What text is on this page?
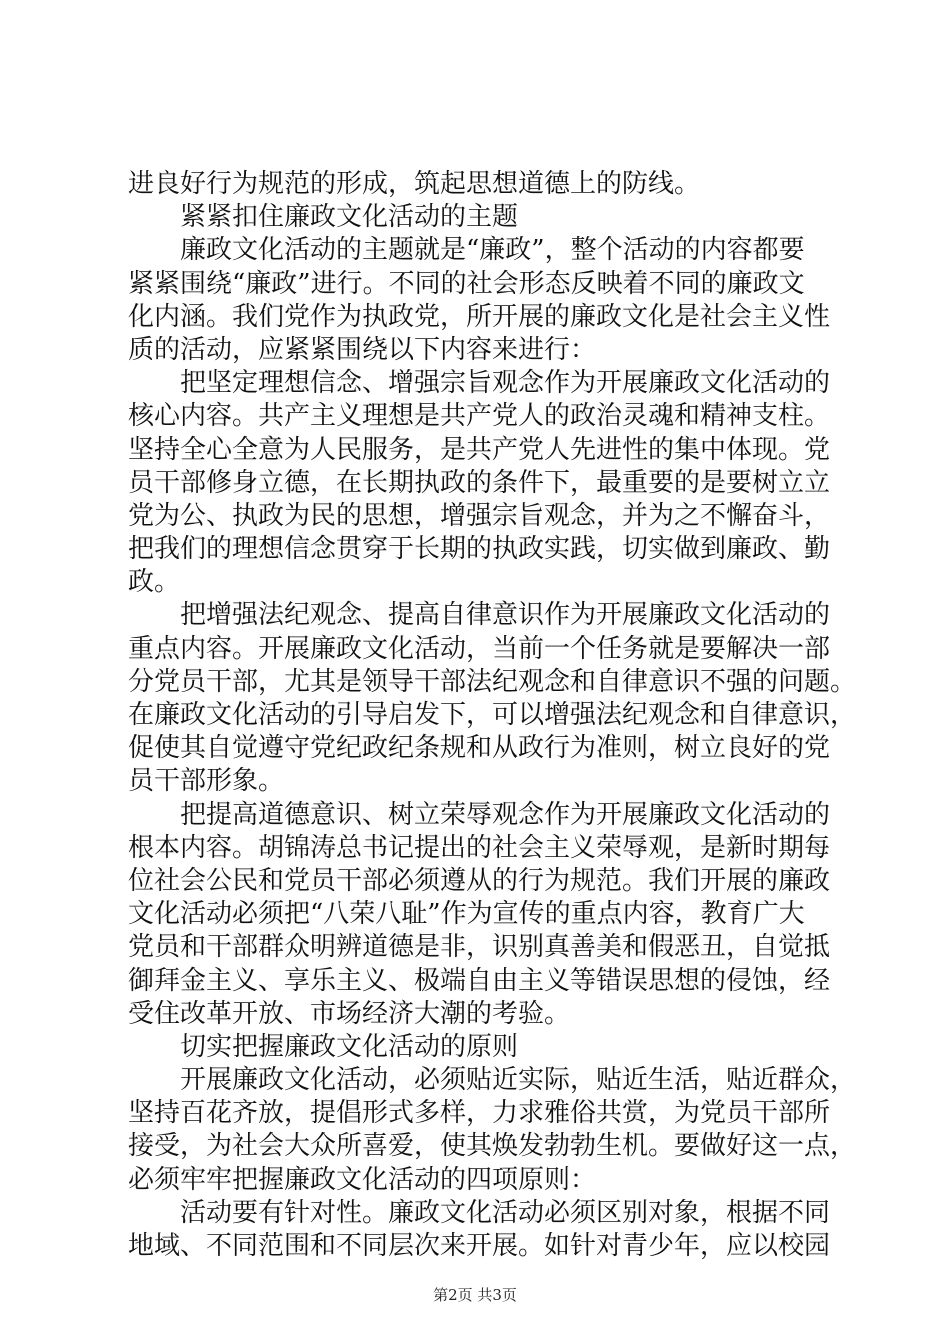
进良好行为规范的形成，筑起思想道德上的防线。
紧紧扣住廉政文化活动的主题
廉政文化活动的主题就是“廉政”，整个活动的内容都要
紧紧围绕“廉政”进行。不同的社会形态反映着不同的廉政文
化内涵。我们党作为执政党，所开展的廉政文化是社会主义性
质的活动，应紧紧围绕以下内容来进行：
把坚定理想信念、增强宗旨观念作为开展廉政文化活动的
核心内容。共产主义理想是共产党人的政治灵魂和精神支柱。
坚持全心全意为人民服务，是共产党人先进性的集中体现。党
员干部修身立德，在长期执政的条件下，最重要的是要树立立
党为公、执政为民的思想，增强宗旨观念，并为之不懈奋斗，
把我们的理想信念贯穿于长期的执政实践，切实做到廉政、勤
政。
把增强法纪观念、提高自律意识作为开展廉政文化活动的
重点内容。开展廉政文化活动，当前一个任务就是要解决一部
分党员干部，尤其是领导干部法纪观念和自律意识不强的问题。
在廉政文化活动的引导启发下，可以增强法纪观念和自律意识，
促使其自觉遵守党纪政纪条规和从政行为准则，树立良好的党
员干部形象。
把提高道德意识、树立荣辱观念作为开展廉政文化活动的
根本内容。胡锦涛总书记提出的社会主义荣辱观，是新时期每
位社会公民和党员干部必须遵从的行为规范。我们开展的廉政
文化活动必须把“八荣八耻”作为宣传的重点内容，教育广大
党员和干部群众明辨道德是非，识别真善美和假恶丑，自觉抵
御拜金主义、享乐主义、极端自由主义等错误思想的侵蚀，经
受住改革开放、市场经济大潮的考验。
切实把握廉政文化活动的原则
开展廉政文化活动，必须贴近实际，贴近生活，贴近群众，
坚持百花齐放，提倡形式多样，力求雅俗共赏，为党员干部所
接受，为社会大众所喜爱，使其焕发勃勃生机。要做好这一点，
必须牢牢把握廉政文化活动的四项原则：
活动要有针对性。廉政文化活动必须区别对象，根据不同
地域、不同范围和不同层次来开展。如针对青少年，应以校园
第2页 共3页
